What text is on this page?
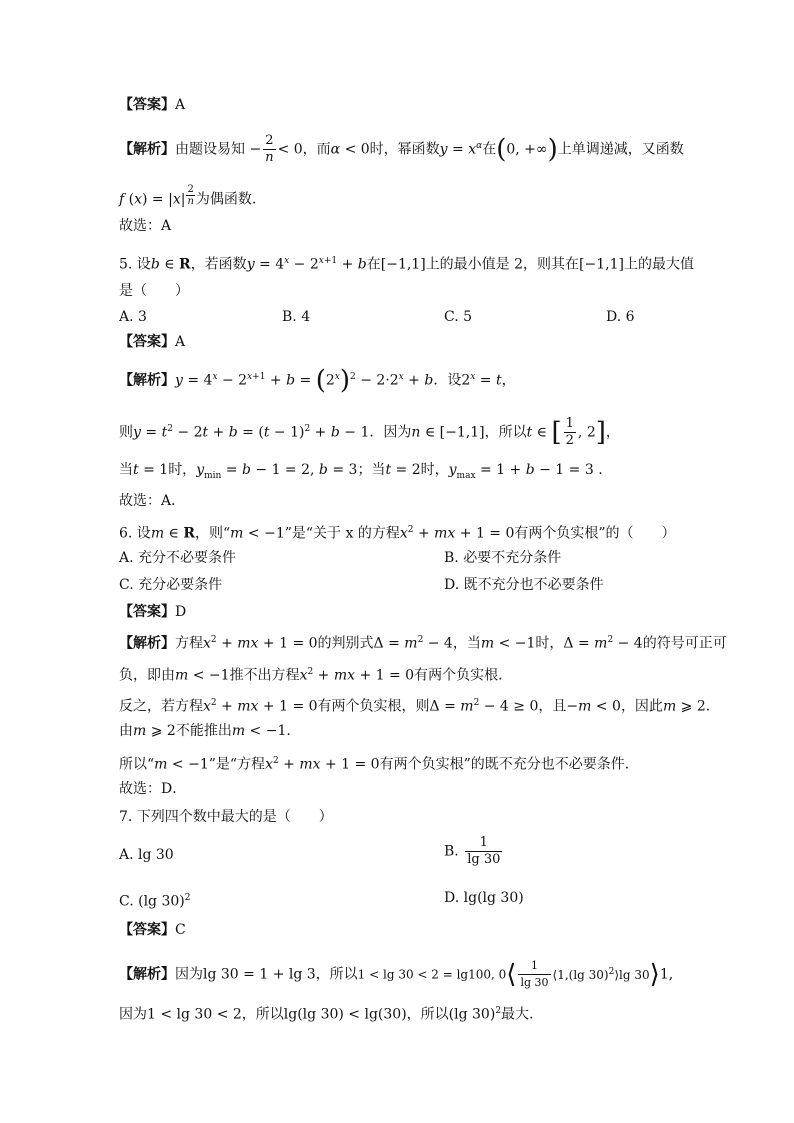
【答案】A
【解析】由题设易知 − $\frac{2}{n} < 0$，而α < 0时，幂函数$y = x^\alpha$在(0, +∞)上单调递减，又函数
f (x) = |x| $^{\frac{2}{n}}$ 为偶函数.
故选：A
5. 设b ∈ R，若函数$y = 4^x - 2^{x+1} + b$在[−1,1]上的最小值是 2，则其在[−1,1]上的最大值
是（　　）
A. 3	B. 4	C. 5	D. 6
【答案】A
【解析】$y = 4^x - 2^{x+1} + b = (2^x)^2 - 2\cdot 2^x + b$．设$2^x = t$，
则$y = t^2 - 2t + b = (t - 1)^2 + b - 1$．因为n ∈ [−1,1]，所以t ∈ [ $\frac{1}{2}$ , 2]，
当t = 1时，$y_{min} = b - 1 = 2$, b = 3；当t = 2时，$y_{max} = 1 + b - 1 = 3$ .
故选：A．
6. 设m ∈ R，则“m < −1”是“关于 x 的方程$x^2$ + mx + 1 = 0有两个负实根”的（　　）
A. 充分不必要条件	B. 必要不充分条件
C. 充分必要条件	D. 既不充分也不必要条件
【答案】D
【解析】方程$x^2$ + mx + 1 = 0的判别式$\Delta = m^2 - 4$，当m < −1时，$\Delta = m^2 - 4$的符号可正可
负，即由m < −1推不出方程$x^2$ + mx + 1 = 0有两个负实根．
反之，若方程$x^2$ + mx + 1 = 0有两个负实根，则$\Delta = m^2 - 4 \ge 0$，且−m < 0，因此m ⩾ 2．
由m ⩾ 2不能推出m < −1．
所以“m < −1”是“方程$x^2$ + mx + 1 = 0有两个负实根”的既不充分也不必要条件．
故选：D．
7. 下列四个数中最大的是（　　）
A. lg 30	B. $\frac{1}{\lg 30}$
C. (lg 30)$^2$	D. lg(lg 30)
【答案】C
【解析】因为lg 30 = 1 + lg 3，所以1 < lg 30 < 2 = lg100, 0⟨ $\frac{1}{\lg 30}$ ⟨1,(lg 30)$^2$⟩lg 30⟩1,
因为1 < lg 30 < 2，所以lg(lg 30) < lg(30)，所以(lg 30)$^2$最大.
